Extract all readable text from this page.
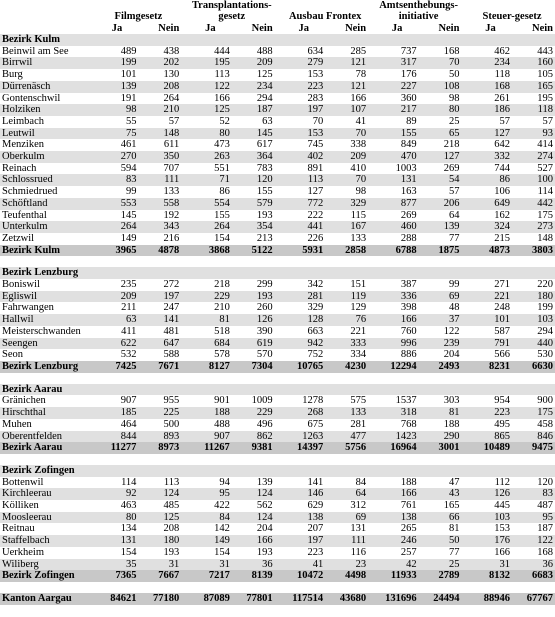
	Filmgesetz			Transplantations-gesetz			Ausbau Frontex			Amtsenthebungs-initiative			Steuer-gesetz	
	Ja	Nein		Ja	Nein		Ja	Nein		Ja	Nein		Ja	Nein
Bezirk Kulm														
Beinwil am See	489	438		444	488		634	285		737	168		462	443
Birrwil	199	202		195	209		279	121		317	70		234	160
Burg	101	130		113	125		153	78		176	50		118	105
Dürrenäsch	139	208		122	234		223	121		227	108		168	165
Gontenschwil	191	264		166	294		283	166		360	98		261	195
Holziken	98	210		125	187		197	107		217	80		186	118
Leimbach	55	57		52	63		70	41		89	25		57	57
Leutwil	75	148		80	145		153	70		155	65		127	93
Menziken	461	611		473	617		745	338		849	218		642	414
Oberkulm	270	350		263	364		402	209		470	127		332	274
Reinach	594	707		551	783		891	410		1003	269		744	527
Schlossrued	83	111		71	120		113	70		131	54		86	100
Schmiedrued	99	133		86	155		127	98		163	57		106	114
Schöftland	553	558		554	579		772	329		877	206		649	442
Teufenthal	145	192		155	193		222	115		269	64		162	175
Unterkulm	264	343		264	354		441	167		460	139		324	273
Zetzwil	149	216		154	213		226	133		288	77		215	148
Bezirk Kulm	3965	4878		3868	5122		5931	2858		6788	1875		4873	3803

Bezirk Lenzburg														
Boniswil	235	272		218	299		342	151		387	99		271	220
Egliswil	209	197		229	193		281	119		336	69		221	180
Fahrwangen	211	247		210	260		329	129		398	48		248	199
Hallwil	63	141		81	126		128	76		166	37		101	103
Meisterschwanden	411	481		518	390		663	221		760	122		587	294
Seengen	622	647		684	619		942	333		996	239		791	440
Seon	532	588		578	570		752	334		886	204		566	530
Bezirk Lenzburg	7425	7671		8127	7304		10765	4230		12294	2493		8231	6630

Bezirk Aarau														
Gränichen	907	955		901	1009		1278	575		1537	303		954	900
Hirschthal	185	225		188	229		268	133		318	81		223	175
Muhen	464	500		488	496		675	281		768	188		495	458
Oberentfelden	844	893		907	862		1263	477		1423	290		865	846
Bezirk Aarau	11277	8973		11267	9381		14397	5756		16964	3001		10489	9475

Bezirk Zofingen														
Bottenwil	114	113		94	139		141	84		188	47		112	120
Kirchleerau	92	124		95	124		146	64		166	43		126	83
Kölliken	463	485		422	562		629	312		761	165		445	487
Moosleerau	80	125		84	124		138	69		138	66		103	95
Reitnau	134	208		142	204		207	131		265	81		153	187
Staffelbach	131	180		149	166		197	111		246	50		176	122
Uerkheim	154	193		154	193		223	116		257	77		166	168
Wiliberg	35	31		31	36		41	23		42	25		31	36
Bezirk Zofingen	7365	7667		7217	8139		10472	4498		11933	2789		8132	6683

Kanton Aargau	84621	77180		87089	77801		117514	43680		131696	24494		88946	67767
